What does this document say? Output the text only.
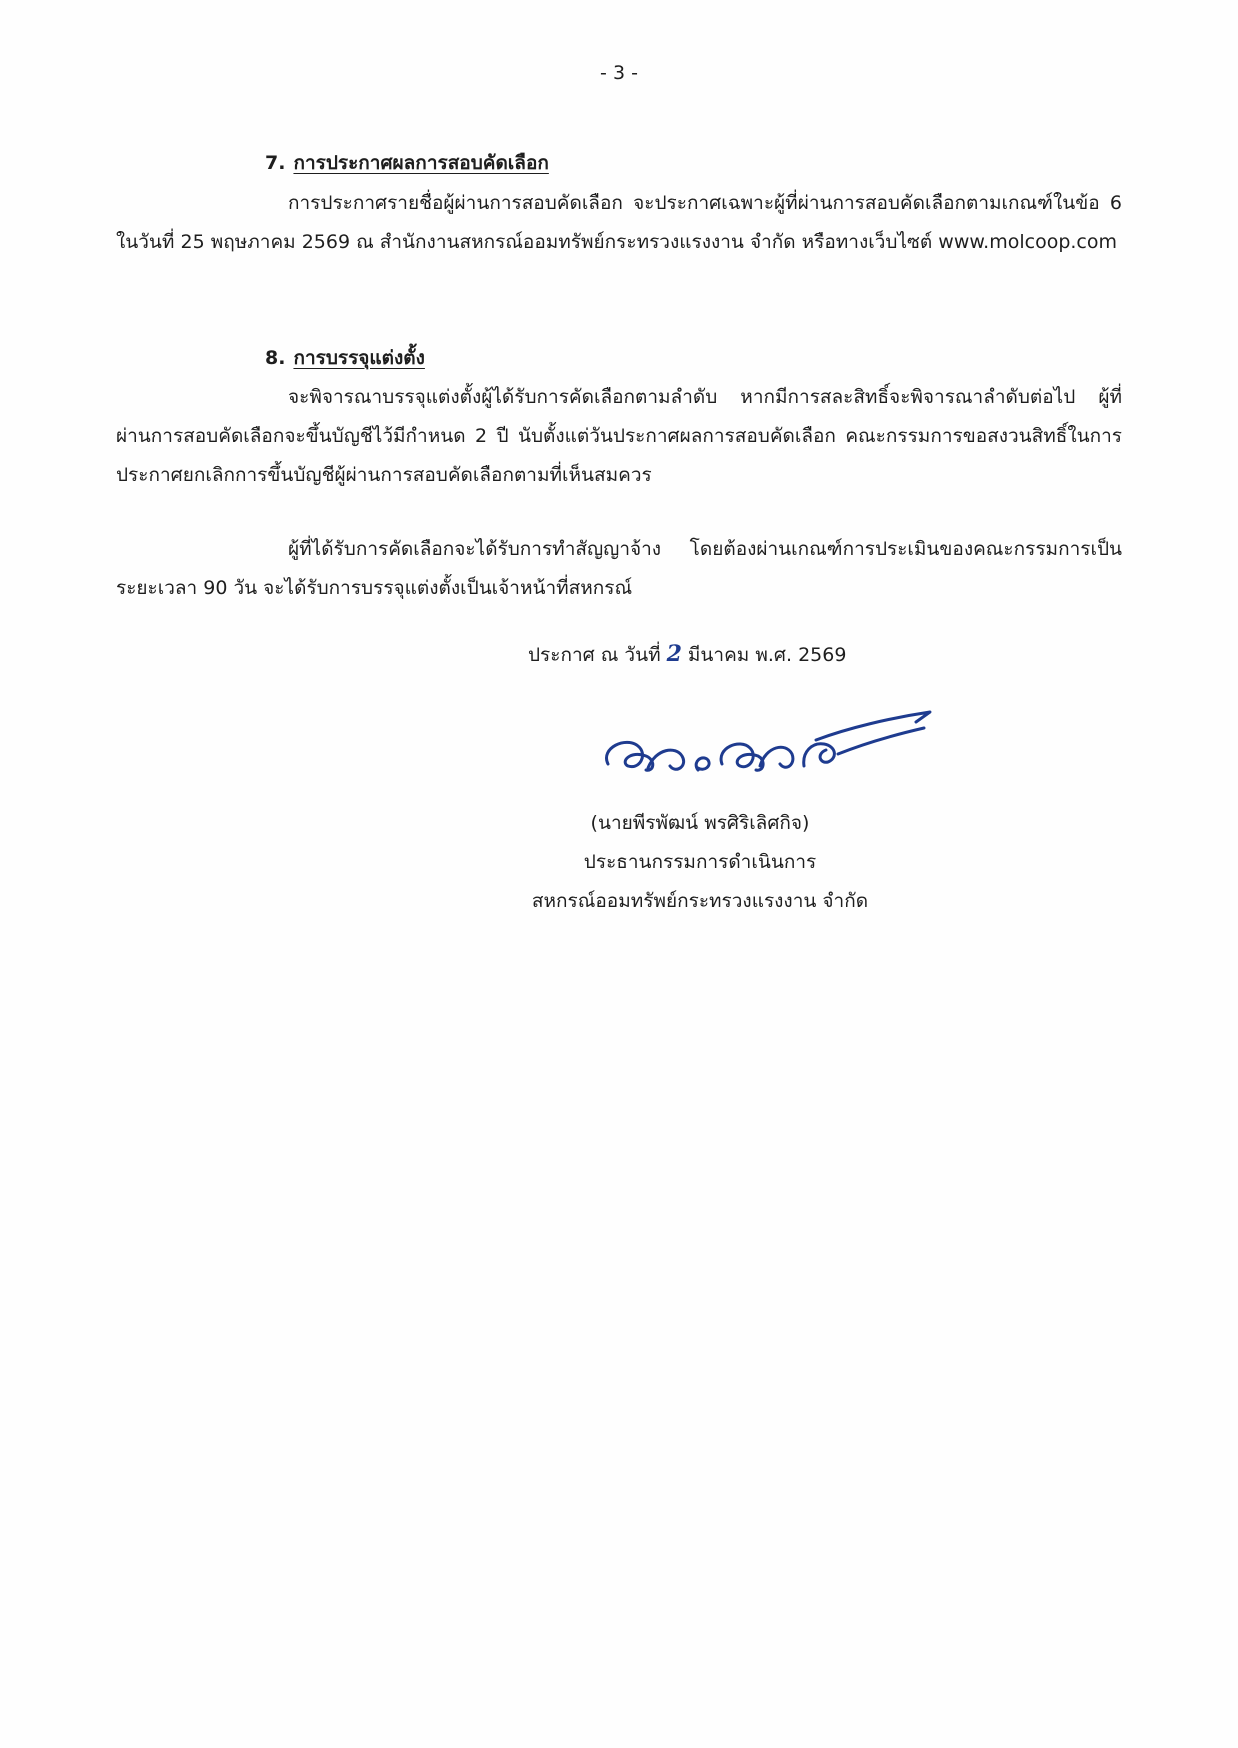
- 3 -
7. การประกาศผลการสอบคัดเลือก

การประกาศรายชื่อผู้ผ่านการสอบคัดเลือก จะประกาศเฉพาะผู้ที่ผ่านการสอบคัดเลือกตามเกณฑ์ในข้อ 6 ในวันที่ 25 พฤษภาคม 2569 ณ สำนักงานสหกรณ์ออมทรัพย์กระทรวงแรงงาน จำกัด หรือทางเว็บไซต์ www.molcoop.com

8. การบรรจุแต่งตั้ง

จะพิจารณาบรรจุแต่งตั้งผู้ได้รับการคัดเลือกตามลำดับ หากมีการสละสิทธิ์จะพิจารณาลำดับต่อไป ผู้ที่ผ่านการสอบคัดเลือกจะขึ้นบัญชีไว้มีกำหนด 2 ปี นับตั้งแต่วันประกาศผลการสอบคัดเลือก คณะกรรมการขอสงวนสิทธิ์ในการประกาศยกเลิกการขึ้นบัญชีผู้ผ่านการสอบคัดเลือกตามที่เห็นสมควร

ผู้ที่ได้รับการคัดเลือกจะได้รับการทำสัญญาจ้าง โดยต้องผ่านเกณฑ์การประเมินของคณะกรรมการเป็นระยะเวลา 90 วัน จะได้รับการบรรจุแต่งตั้งเป็นเจ้าหน้าที่สหกรณ์

ประกาศ ณ วันที่ 2 มีนาคม พ.ศ. 2569
(นายพีรพัฒน์ พรศิริเลิศกิจ)
ประธานกรรมการดำเนินการ
สหกรณ์ออมทรัพย์กระทรวงแรงงาน จำกัด
